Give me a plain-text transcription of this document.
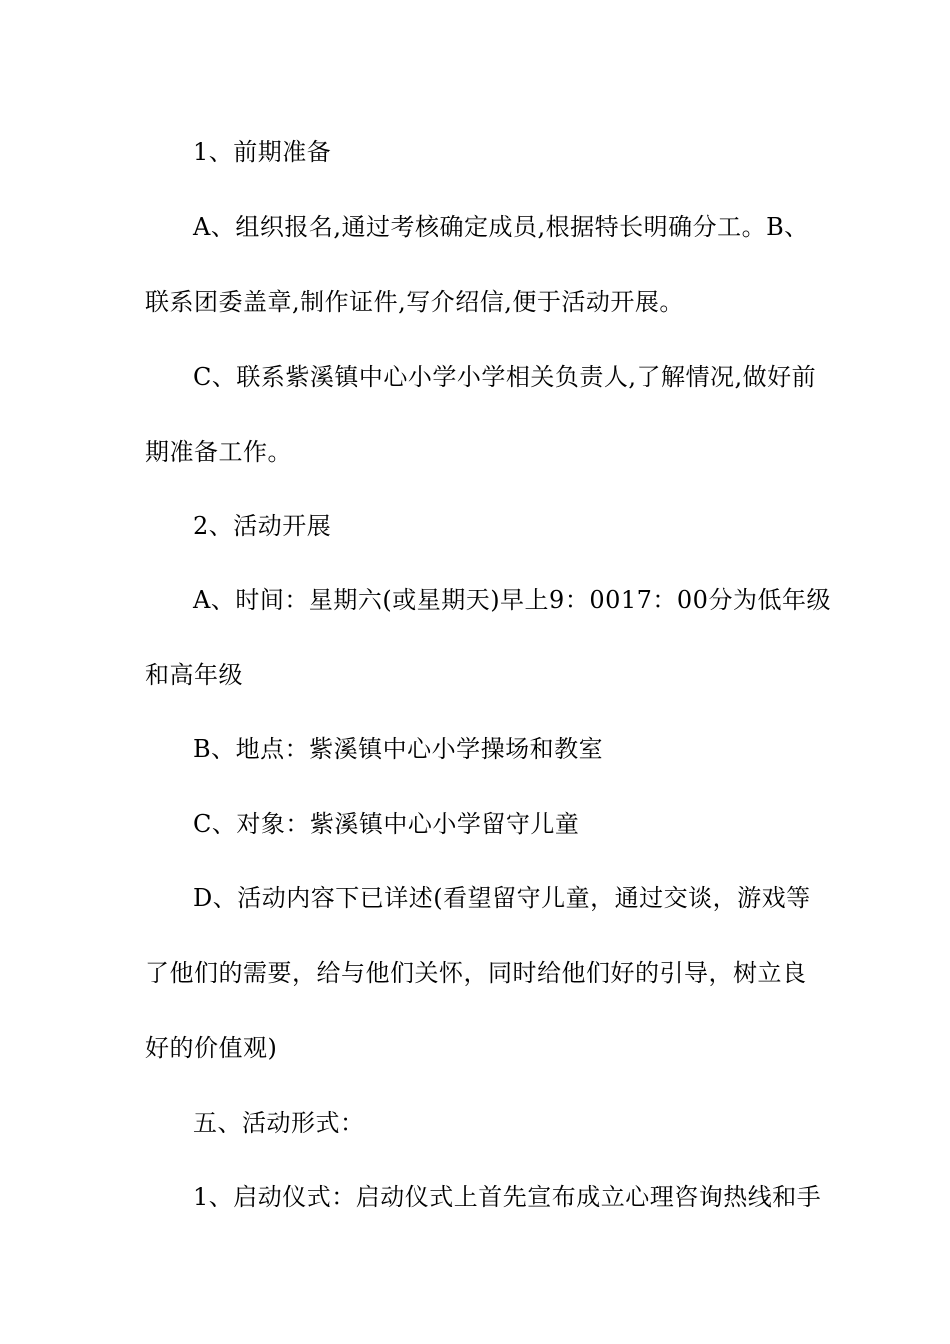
1、前期准备
A、组织报名,通过考核确定成员,根据特长明确分工。B、
联系团委盖章,制作证件,写介绍信,便于活动开展。
C、联系紫溪镇中心小学小学相关负责人,了解情况,做好前
期准备工作。
2、活动开展
A、时间：星期六(或星期天)早上9：0017：00分为低年级
和高年级
B、地点：紫溪镇中心小学操场和教室
C、对象：紫溪镇中心小学留守儿童
D、活动内容下已详述(看望留守儿童，通过交谈，游戏等
了他们的需要，给与他们关怀，同时给他们好的引导，树立良
好的价值观)
五、活动形式：
1、启动仪式：启动仪式上首先宣布成立心理咨询热线和手
